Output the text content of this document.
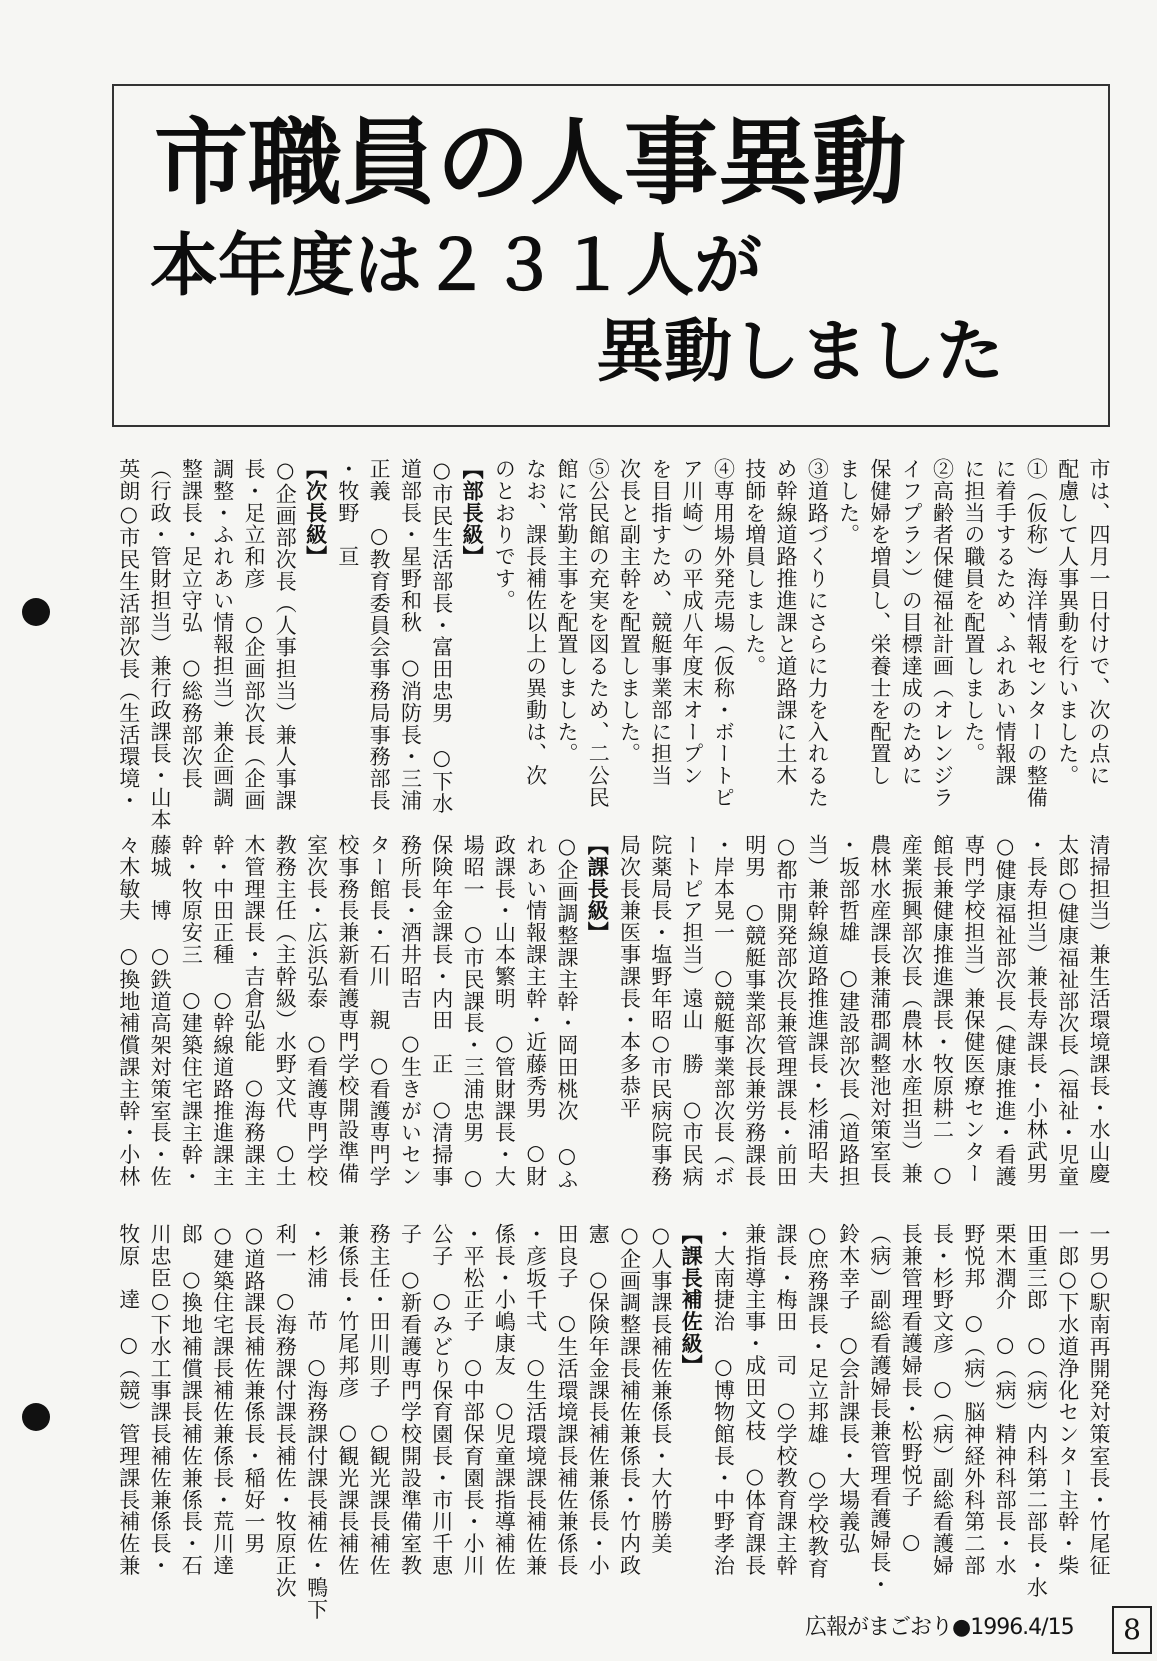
市職員の人事異動
本年度は２３１人が
異動しました

市は、四月一日付けで、次の点に

配慮して人事異動を行いました。

①（仮称）海洋情報センターの整備

に着手するため、ふれあい情報課

に担当の職員を配置しました。

②高齢者保健福祉計画（オレンジラ

イフプラン）の目標達成のために

保健婦を増員し、栄養士を配置し

ました。

③道路づくりにさらに力を入れるた

め幹線道路推進課と道路課に土木

技師を増員しました。

④専用場外発売場（仮称・ボートピ

ア川崎）の平成八年度末オープン

を目指すため、競艇事業部に担当

次長と副主幹を配置しました。

⑤公民館の充実を図るため、二公民

館に常勤主事を配置しました。

なお、課長補佐以上の異動は、次

のとおりです。

【部長級】

○市民生活部長・富田忠男　○下水

道部長・星野和秋　○消防長・三浦

正義　○教育委員会事務局事務部長

・牧野　亘

【次長級】

○企画部次長（人事担当）兼人事課

長・足立和彦　○企画部次長（企画

調整・ふれあい情報担当）兼企画調

整課長・足立守弘　○総務部次長

（行政・管財担当）兼行政課長・山本

英朗○市民生活部次長（生活環境・

清掃担当）兼生活環境課長・水山慶

太郎○健康福祉部次長（福祉・児童

・長寿担当）兼長寿課長・小林武男

○健康福祉部次長（健康推進・看護

専門学校担当）兼保健医療センター

館長兼健康推進課長・牧原耕二　○

産業振興部次長（農林水産担当）兼

農林水産課長兼蒲郡調整池対策室長

・坂部哲雄　○建設部次長（道路担

当）兼幹線道路推進課長・杉浦昭夫

○都市開発部次長兼管理課長・前田

明男　○競艇事業部次長兼労務課長

・岸本晃一　○競艇事業部次長（ボ

ートピア担当）遠山　勝　○市民病

院薬局長・塩野年昭○市民病院事務

局次長兼医事課長・本多恭平

【課長級】

○企画調整課主幹・岡田桃次　○ふ

れあい情報課主幹・近藤秀男　○財

政課長・山本繁明　○管財課長・大

場昭一　○市民課長・三浦忠男　○

保険年金課長・内田　正　○清掃事

務所長・酒井昭吉　○生きがいセン

ター館長・石川　親　○看護専門学

校事務長兼新看護専門学校開設準備

室次長・広浜弘泰　○看護専門学校

教務主任（主幹級）水野文代　○土

木管理課長・吉倉弘能　○海務課主

幹・中田正種　○幹線道路推進課主

幹・牧原安三　○建築住宅課主幹・

藤城　博　○鉄道高架対策室長・佐

々木敏夫　○換地補償課主幹・小林

一男○駅南再開発対策室長・竹尾征

一郎○下水道浄化センター主幹・柴

田重三郎　○（病）内科第二部長・水

栗木潤介　○（病）精神科部長・水

野悦邦　○（病）脳神経外科第二部

長・杉野文彦　○（病）副総看護婦

長兼管理看護婦長・松野悦子　○

（病）副総看護婦長兼管理看護婦長・

鈴木幸子　○会計課長・大場義弘

○庶務課長・足立邦雄　○学校教育

課長・梅田　司　○学校教育課主幹

兼指導主事・成田文枝　○体育課長

・大南捷治　○博物館長・中野孝治

【課長補佐級】

○人事課長補佐兼係長・大竹勝美

○企画調整課長補佐兼係長・竹内政

憲　○保険年金課長補佐兼係長・小

田良子　○生活環境課長補佐兼係長

・彦坂千弌　○生活環境課長補佐兼

係長・小嶋康友　○児童課指導補佐

・平松正子　○中部保育園長・小川

公子　○みどり保育園長・市川千恵

子　○新看護専門学校開設準備室教

務主任・田川則子　○観光課長補佐

兼係長・竹尾邦彦　○観光課長補佐

・杉浦　芇　○海務課付課長補佐・鴨下

利一　○海務課付課長補佐・牧原正次

○道路課長補佐兼係長・稲好一男

○建築住宅課長補佐兼係長・荒川達

郎　○換地補償課長補佐兼係長・石

川忠臣○下水工事課長補佐兼係長・

牧原　達　○（競）管理課長補佐兼

広報がまごおり●1996.4/15	8
